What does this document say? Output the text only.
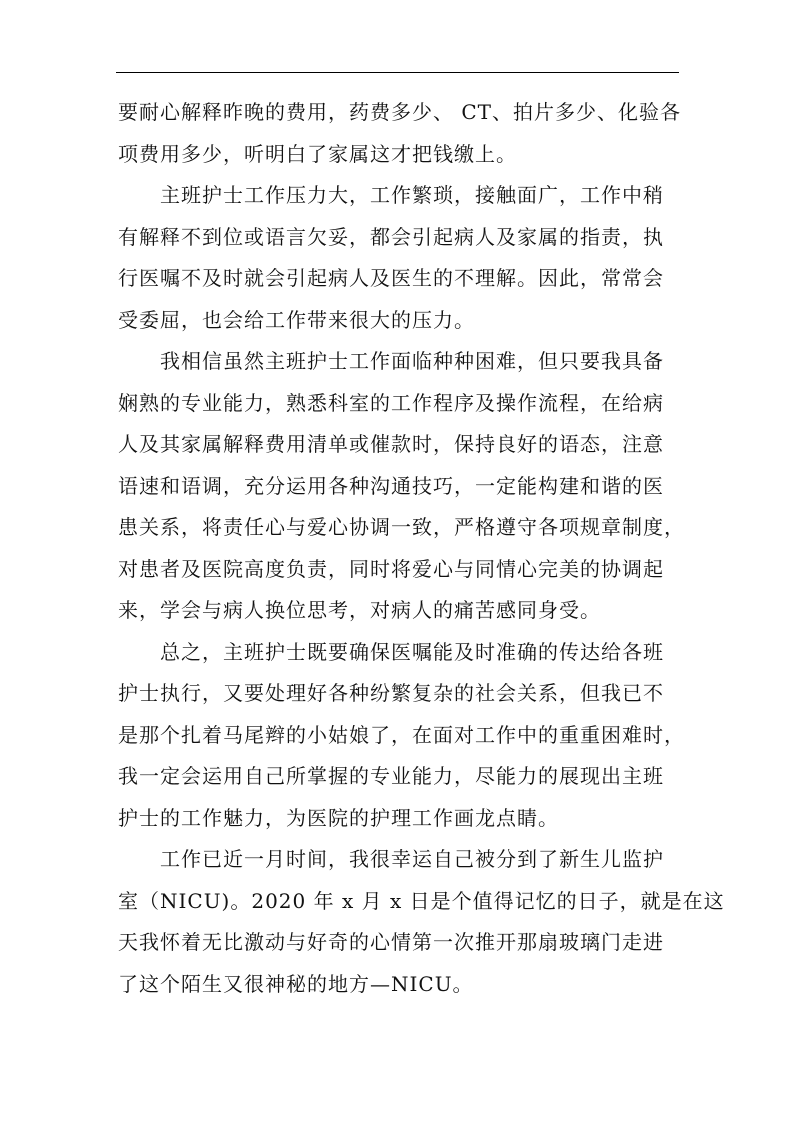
要耐心解释昨晚的费用，药费多少、 CT、拍片多少、化验各
项费用多少，听明白了家属这才把钱缴上。
主班护士工作压力大，工作繁琐，接触面广，工作中稍
有解释不到位或语言欠妥，都会引起病人及家属的指责，执
行医嘱不及时就会引起病人及医生的不理解。因此，常常会
受委屈，也会给工作带来很大的压力。
我相信虽然主班护士工作面临种种困难，但只要我具备
娴熟的专业能力，熟悉科室的工作程序及操作流程，在给病
人及其家属解释费用清单或催款时，保持良好的语态，注意
语速和语调，充分运用各种沟通技巧，一定能构建和谐的医
患关系，将责任心与爱心协调一致，严格遵守各项规章制度，
对患者及医院高度负责，同时将爱心与同情心完美的协调起
来，学会与病人换位思考，对病人的痛苦感同身受。
总之，主班护士既要确保医嘱能及时准确的传达给各班
护士执行，又要处理好各种纷繁复杂的社会关系，但我已不
是那个扎着马尾辫的小姑娘了，在面对工作中的重重困难时，
我一定会运用自己所掌握的专业能力，尽能力的展现出主班
护士的工作魅力，为医院的护理工作画龙点睛。
工作已近一月时间，我很幸运自己被分到了新生儿监护
室（NICU)。2020 年 x 月 x 日是个值得记忆的日子，就是在这
天我怀着无比激动与好奇的心情第一次推开那扇玻璃门走进
了这个陌生又很神秘的地方—NICU。
